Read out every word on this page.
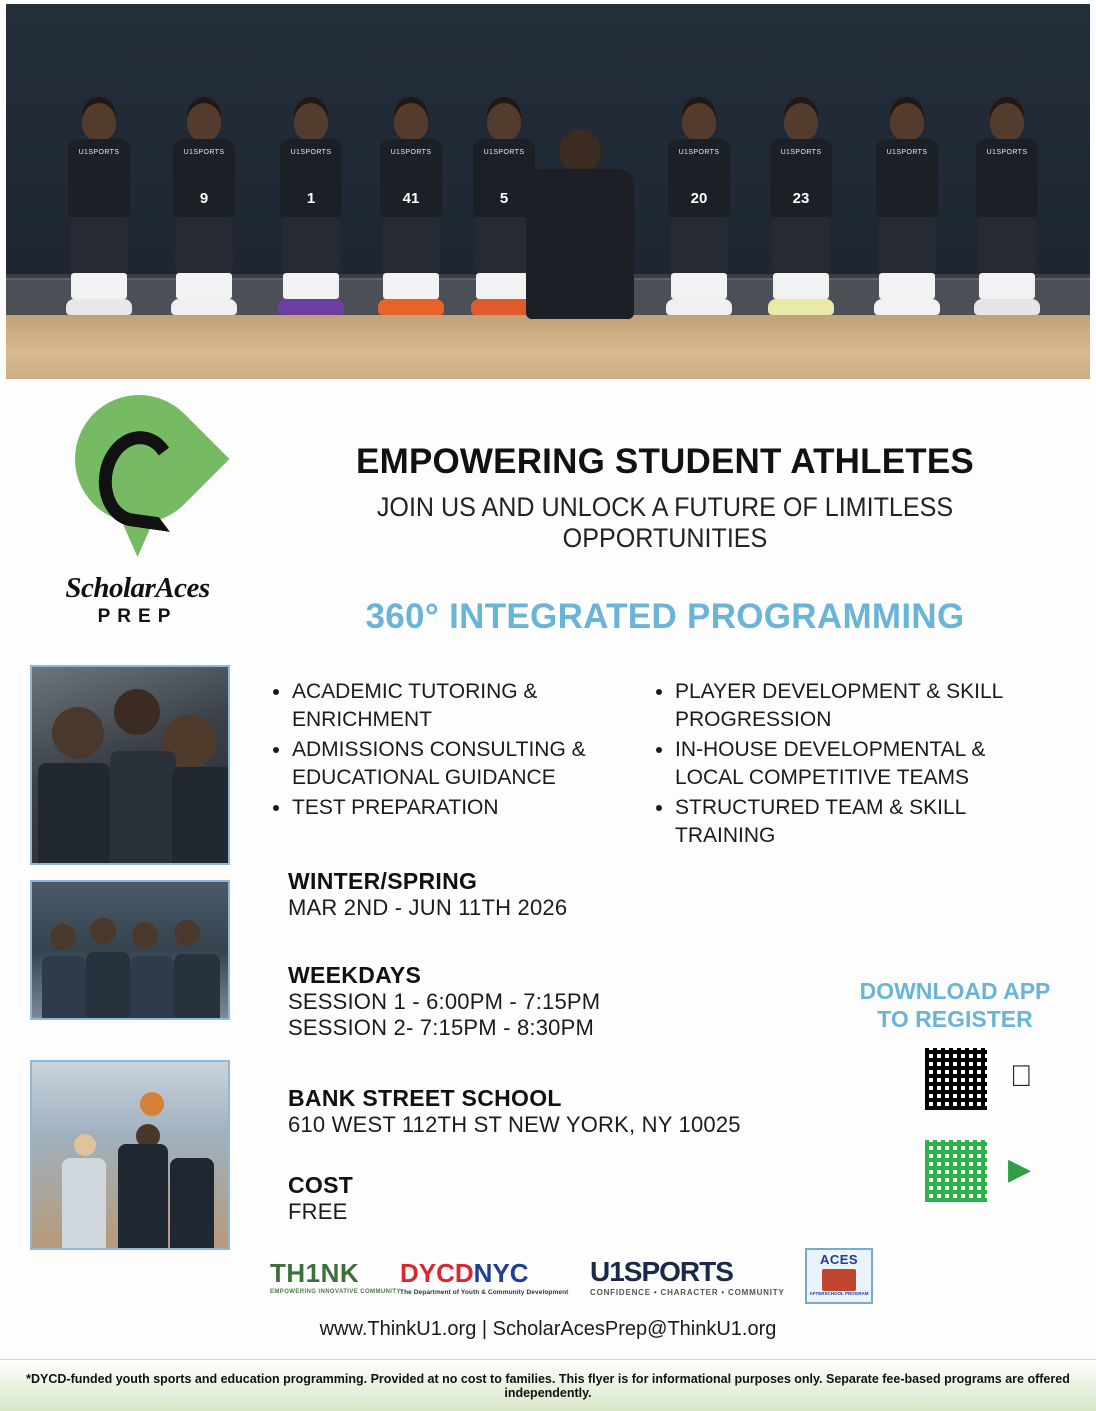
U1SPORTS	U1SPORTS
9
U1SPORTS
1
U1SPORTS
41
U1SPORTS
5
U1SPORTS
20
U1SPORTS
23
U1SPORTS	U1SPORTS
ScholarAces
PREP
EMPOWERING STUDENT ATHLETES
JOIN US AND UNLOCK A FUTURE OF LIMITLESS OPPORTUNITIES
360° INTEGRATED PROGRAMMING
• ACADEMIC TUTORING & ENRICHMENT
• ADMISSIONS CONSULTING & EDUCATIONAL GUIDANCE
• TEST PREPARATION
• PLAYER DEVELOPMENT & SKILL PROGRESSION
• IN-HOUSE DEVELOPMENTAL & LOCAL COMPETITIVE TEAMS
• STRUCTURED TEAM & SKILL TRAINING
WINTER/SPRING
MAR 2ND - JUN 11TH 2026
WEEKDAYS
SESSION 1 - 6:00PM - 7:15PM
SESSION 2- 7:15PM - 8:30PM
BANK STREET SCHOOL
610 WEST 112TH ST NEW YORK, NY 10025
COST
FREE
DOWNLOAD APP
TO REGISTER
▶
TH1NK
EMPOWERING INNOVATIVE COMMUNITY
DYCDNYC
The Department of Youth & Community Development
U1SPORTS
CONFIDENCE • CHARACTER • COMMUNITY
ACES
AFTERSCHOOL PROGRAM
www.ThinkU1.org | ScholarAcesPrep@ThinkU1.org
*DYCD-funded youth sports and education programming. Provided at no cost to families. This flyer is for informational purposes only. Separate fee-based programs are offered independently.
